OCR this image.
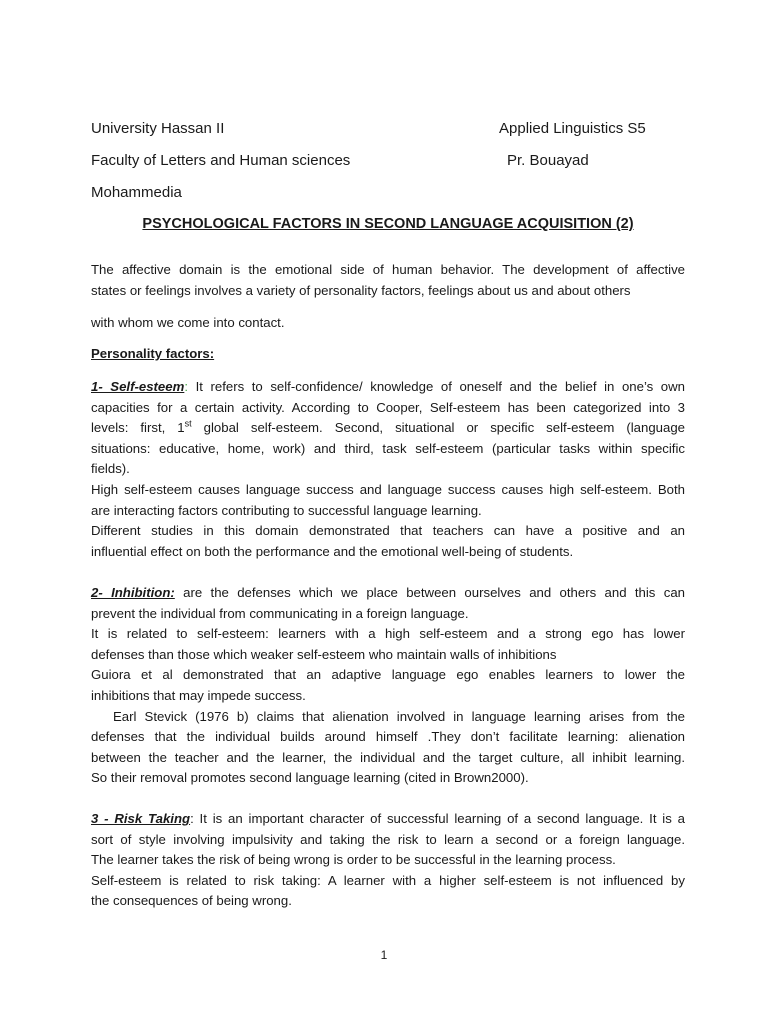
University Hassan II	Applied Linguistics S5
Faculty of Letters and Human sciences	Pr. Bouayad
Mohammedia
PSYCHOLOGICAL FACTORS IN SECOND LANGUAGE ACQUISITION (2)
The affective domain is the emotional side of human behavior. The development of affective
states or feelings involves a variety of personality factors, feelings about us and about others
with whom we come into contact.
Personality factors:
1- Self-esteem: It refers to self-confidence/ knowledge of oneself and the belief in one’s own
capacities for a certain activity. According to Cooper, Self-esteem has been categorized into 3
levels: first, 1st global self-esteem. Second, situational or specific self-esteem (language
situations: educative, home, work) and third, task self-esteem (particular tasks within specific
fields).
High self-esteem causes language success and language success causes high self-esteem. Both
are interacting factors contributing to successful language learning.
Different studies in this domain demonstrated that teachers can have a positive and an
influential effect on both the performance and the emotional well-being of students.
2- Inhibition: are the defenses which we place between ourselves and others and this can
prevent the individual from communicating in a foreign language.
It is related to self-esteem: learners with a high self-esteem and a strong ego has lower
defenses than those which weaker self-esteem who maintain walls of inhibitions
Guiora et al demonstrated that an adaptive language ego enables learners to lower the
inhibitions that may impede success.
Earl Stevick (1976 b) claims that alienation involved in language learning arises from the
defenses that the individual builds around himself .They don’t facilitate learning: alienation
between the teacher and the learner, the individual and the target culture, all inhibit learning.
So their removal promotes second language learning (cited in Brown2000).
3 - Risk Taking: It is an important character of successful learning of a second language. It is a
sort of style involving impulsivity and taking the risk to learn a second or a foreign language.
The learner takes the risk of being wrong is order to be successful in the learning process.
Self-esteem is related to risk taking: A learner with a higher self-esteem is not influenced by
the consequences of being wrong.
1
